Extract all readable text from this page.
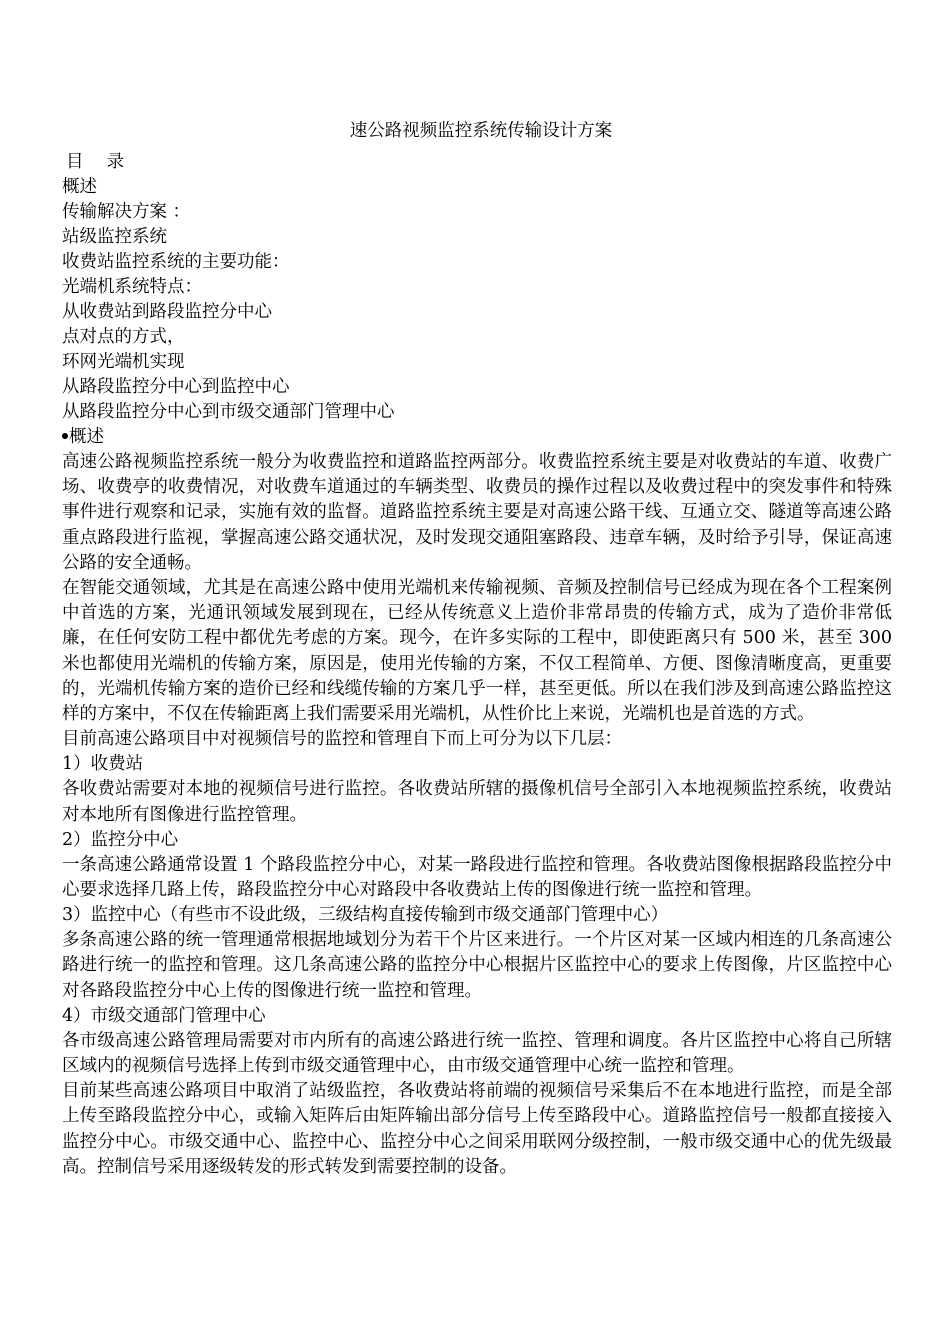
速公路视频监控系统传输设计方案
目　 录
概述
传输解决方案 ：
站级监控系统
收费站监控系统的主要功能：
光端机系统特点：
从收费站到路段监控分中心
点对点的方式，
环网光端机实现
从路段监控分中心到监控中心
从路段监控分中心到市级交通部门管理中心
概述
高速公路视频监控系统一般分为收费监控和道路监控两部分。收费监控系统主要是对收费站的车道、收费广场、收费亭的收费情况，对收费车道通过的车辆类型、收费员的操作过程以及收费过程中的突发事件和特殊事件进行观察和记录，实施有效的监督。道路监控系统主要是对高速公路干线、互通立交、隧道等高速公路重点路段进行监视，掌握高速公路交通状况，及时发现交通阻塞路段、违章车辆，及时给予引导，保证高速公路的安全通畅。
在智能交通领域，尤其是在高速公路中使用光端机来传输视频、音频及控制信号已经成为现在各个工程案例中首选的方案，光通讯领域发展到现在，已经从传统意义上造价非常昂贵的传输方式，成为了造价非常低廉，在任何安防工程中都优先考虑的方案。现今，在许多实际的工程中，即使距离只有 500 米，甚至 300 米也都使用光端机的传输方案，原因是，使用光传输的方案，不仅工程简单、方便、图像清晰度高，更重要的，光端机传输方案的造价已经和线缆传输的方案几乎一样，甚至更低。所以在我们涉及到高速公路监控这样的方案中，不仅在传输距离上我们需要采用光端机，从性价比上来说，光端机也是首选的方式。
目前高速公路项目中对视频信号的监控和管理自下而上可分为以下几层：
1）收费站
各收费站需要对本地的视频信号进行监控。各收费站所辖的摄像机信号全部引入本地视频监控系统，收费站对本地所有图像进行监控管理。
2）监控分中心
一条高速公路通常设置 1 个路段监控分中心，对某一路段进行监控和管理。各收费站图像根据路段监控分中心要求选择几路上传，路段监控分中心对路段中各收费站上传的图像进行统一监控和管理。
3）监控中心（有些市不设此级，三级结构直接传输到市级交通部门管理中心）
多条高速公路的统一管理通常根据地域划分为若干个片区来进行。一个片区对某一区域内相连的几条高速公路进行统一的监控和管理。这几条高速公路的监控分中心根据片区监控中心的要求上传图像，片区监控中心对各路段监控分中心上传的图像进行统一监控和管理。
4）市级交通部门管理中心
各市级高速公路管理局需要对市内所有的高速公路进行统一监控、管理和调度。各片区监控中心将自己所辖区域内的视频信号选择上传到市级交通管理中心，由市级交通管理中心统一监控和管理。
目前某些高速公路项目中取消了站级监控，各收费站将前端的视频信号采集后不在本地进行监控，而是全部上传至路段监控分中心，或输入矩阵后由矩阵输出部分信号上传至路段中心。道路监控信号一般都直接接入监控分中心。市级交通中心、监控中心、监控分中心之间采用联网分级控制，一般市级交通中心的优先级最高。控制信号采用逐级转发的形式转发到需要控制的设备。
